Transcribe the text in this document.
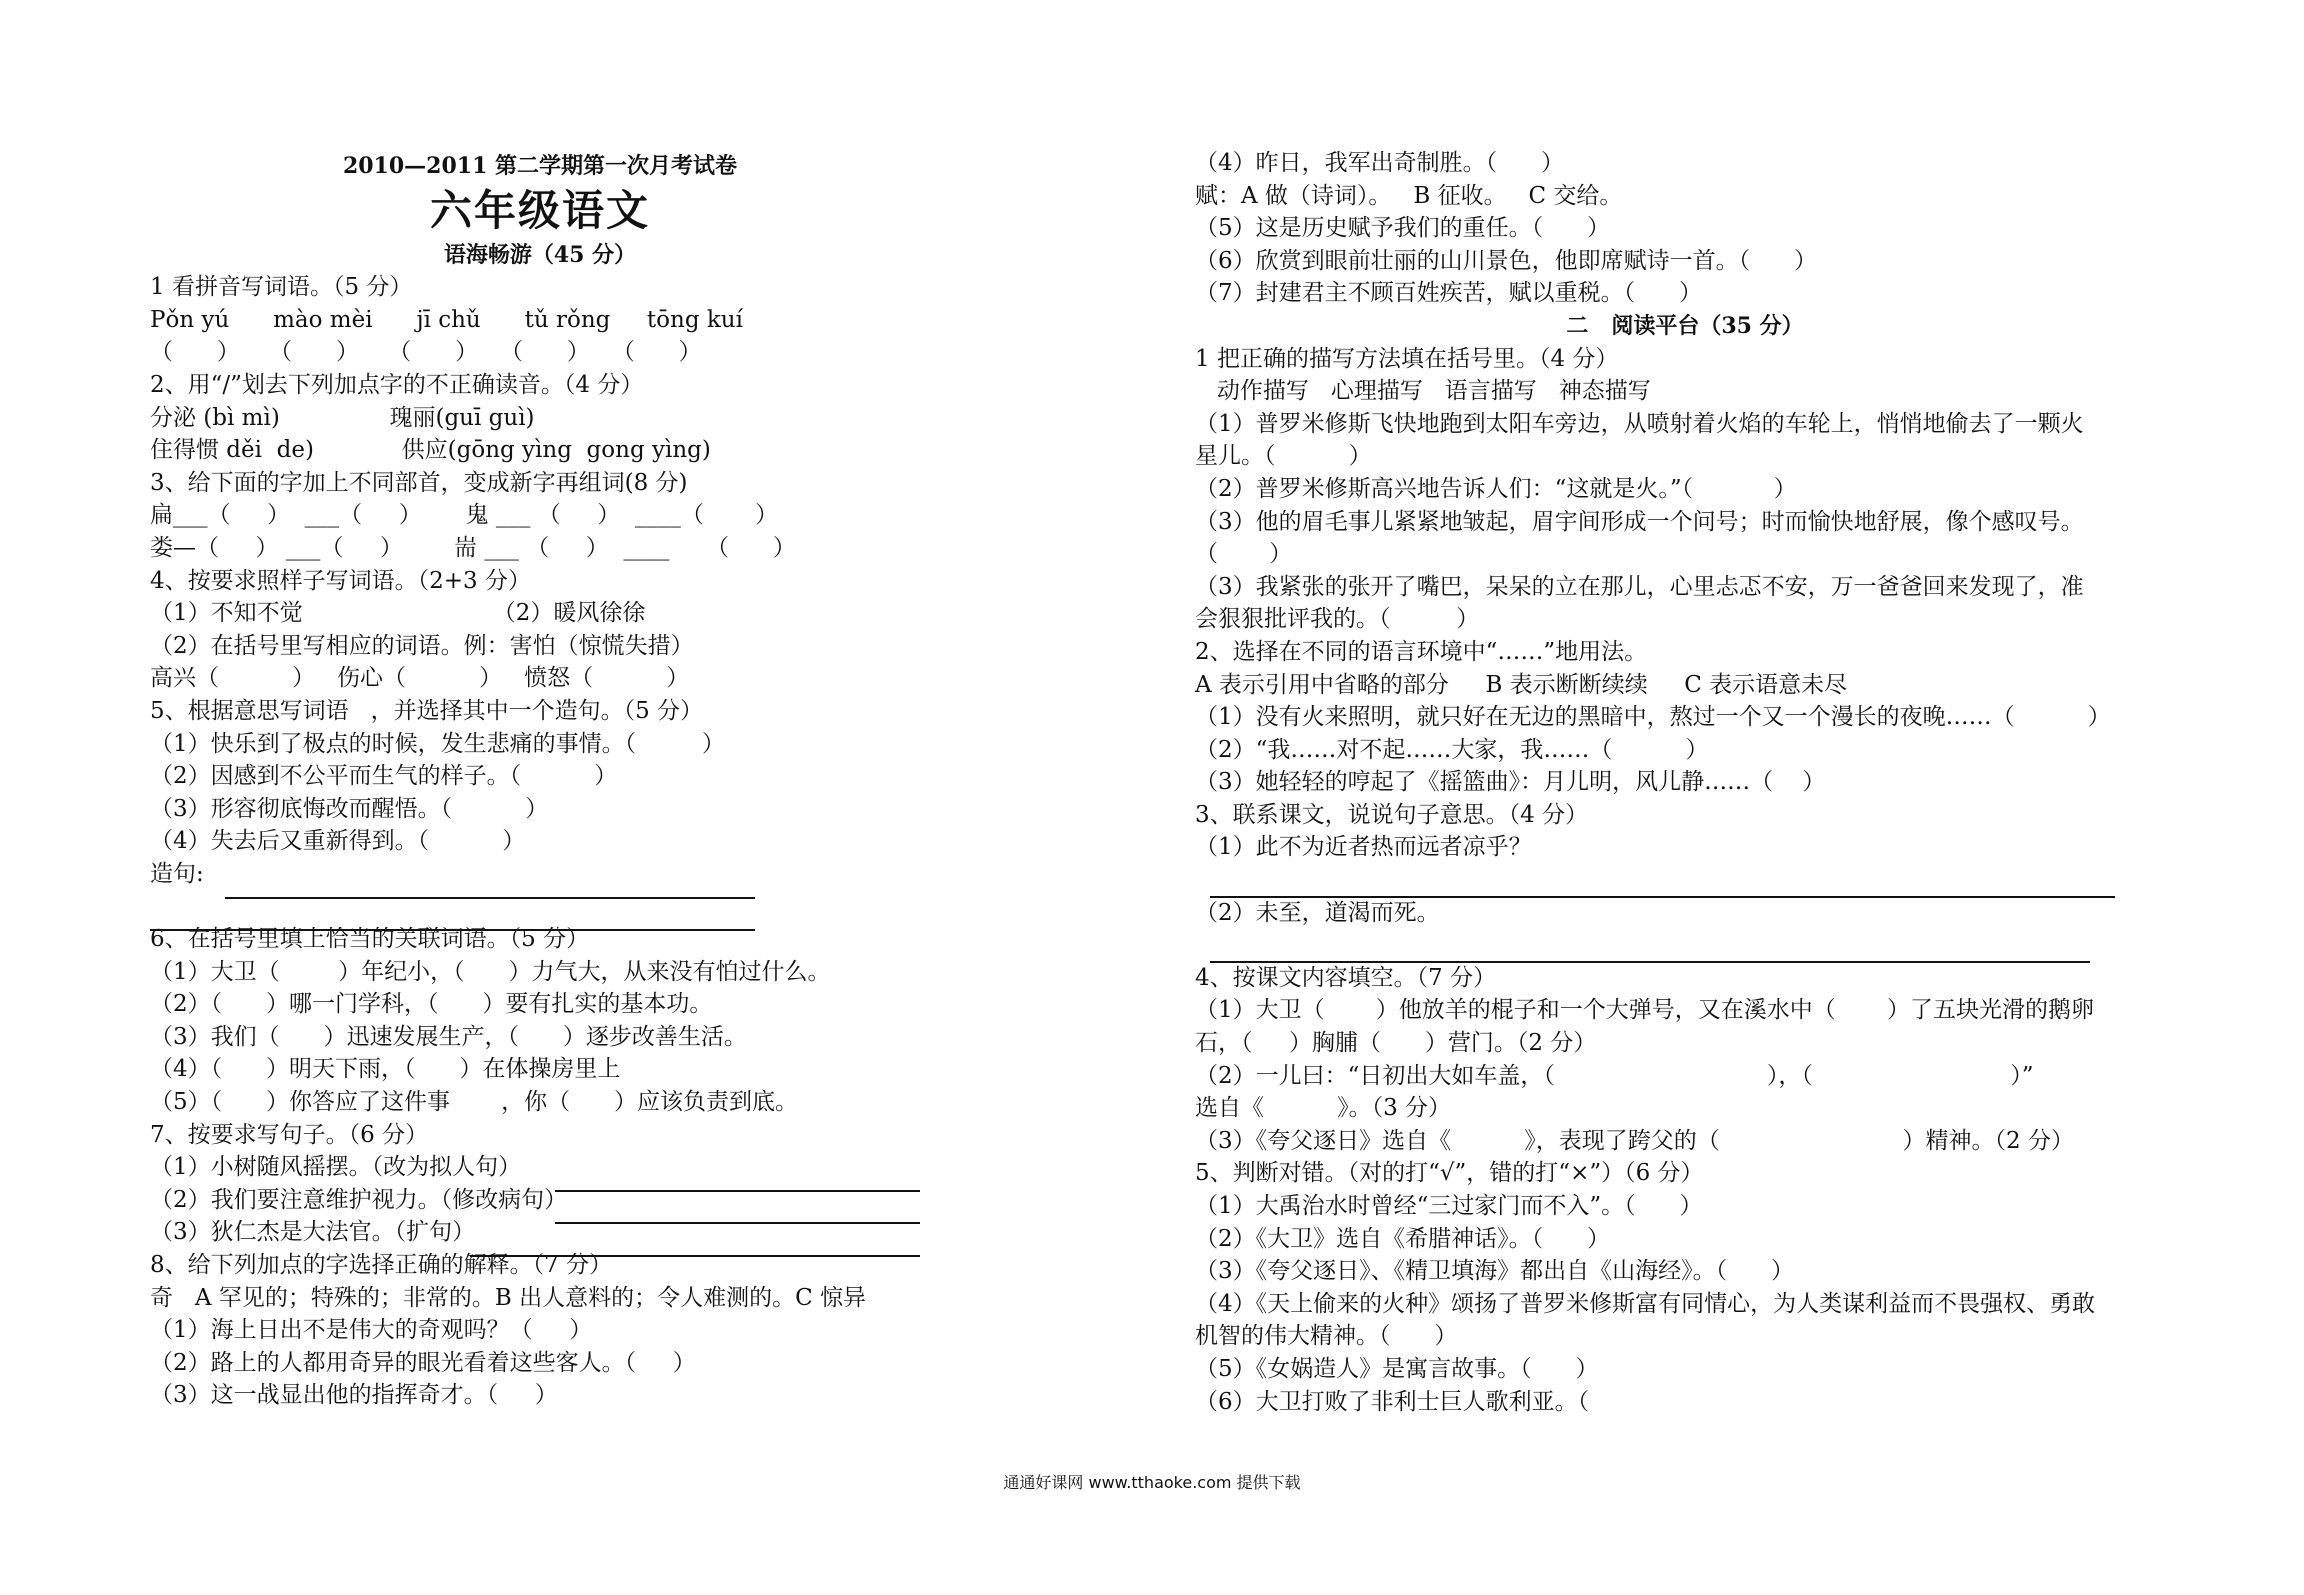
2010—2011 第二学期第一次月考试卷
六年级语文
语海畅游（45 分）
1 看拼音写词语。（5 分）
Pǒn yú      mào mèi      jī chǔ      tǔ rǒng     tōng kuí
（      ）    （      ）    （      ）   （      ）   （      ）
2、用“/”划去下列加点字的不正确读音。（4 分）
分泌 (bì mì)               瑰丽(guī guì)
住得惯 děi  de)            供应(gōng yìng  gong yìng)
3、给下面的字加上不同部首，变成新字再组词(8 分)
扁___（     ）  ___（     ）      鬼 ___ （     ）  ____（       ）
娄—（     ） ___（     ）       耑 ___ （     ）  ____     （      ）
4、按要求照样子写词语。（2+3 分）
（1）不知不觉                          （2）暖风徐徐
（2）在括号里写相应的词语。例：害怕（惊慌失措）
高兴（          ）   伤心（          ）   愤怒（          ）
5、根据意思写词语   ，并选择其中一个造句。（5 分）
（1）快乐到了极点的时候，发生悲痛的事情。（         ）
（2）因感到不公平而生气的样子。（          ）
（3）形容彻底悔改而醒悟。（          ）
（4）失去后又重新得到。（          ）
造句:
6、在括号里填上恰当的关联词语。（5 分）
（1）大卫（        ）年纪小，（      ）力气大，从来没有怕过什么。
（2）（      ）哪一门学科，（      ）要有扎实的基本功。
（3）我们（      ）迅速发展生产，（      ）逐步改善生活。
（4）（      ）明天下雨，（      ）在体操房里上
（5）（      ）你答应了这件事       ，你（      ）应该负责到底。
7、按要求写句子。（6 分）
（1）小树随风摇摆。（改为拟人句）
（2）我们要注意维护视力。（修改病句）
（3）狄仁杰是大法官。（扩句）
8、给下列加点的字选择正确的解释。（7 分）
奇   A 罕见的；特殊的；非常的。B 出人意料的；令人难测的。C 惊异
（1）海上日出不是伟大的奇观吗？（     ）
（2）路上的人都用奇异的眼光看着这些客人。（     ）
（3）这一战显出他的指挥奇才。（     ）
（4）昨日，我军出奇制胜。（      ）
赋：A 做（诗词）。   B 征收。   C 交给。
（5）这是历史赋予我们的重任。（      ）
（6）欣赏到眼前壮丽的山川景色，他即席赋诗一首。（      ）
（7）封建君主不顾百姓疾苦，赋以重税。（      ）
二   阅读平台（35 分）
1 把正确的描写方法填在括号里。（4 分）
动作描写   心理描写   语言描写   神态描写
（1）普罗米修斯飞快地跑到太阳车旁边，从喷射着火焰的车轮上，悄悄地偷去了一颗火
星儿。（          ）
（2）普罗米修斯高兴地告诉人们：“这就是火。”（           ）
（3）他的眉毛事儿紧紧地皱起，眉宇间形成一个问号；时而愉快地舒展，像个感叹号。
（       ）
（3）我紧张的张开了嘴巴，呆呆的立在那儿，心里忐忑不安，万一爸爸回来发现了，准
会狠狠批评我的。（         ）
2、选择在不同的语言环境中“……”地用法。
A 表示引用中省略的部分     B 表示断断续续     C 表示语意未尽
（1）没有火来照明，就只好在无边的黑暗中，熬过一个又一个漫长的夜晚……（          ）
（2）“我……对不起……大家，我……（          ）
（3）她轻轻的哼起了《摇篮曲》：月儿明，风儿静……（    ）
3、联系课文，说说句子意思。（4 分）
（1）此不为近者热而远者凉乎？
（2）未至，道渴而死。
4、按课文内容填空。（7 分）
（1）大卫（       ）他放羊的棍子和一个大弹号，又在溪水中（       ）了五块光滑的鹅卵
石，（     ）胸脯（      ）营门。（2 分）
（2）一儿曰：“日初出大如车盖，（                             ），（                           ）”
选自《          》。（3 分）
（3）《夸父逐日》选自《          》，表现了跨父的（                         ）精神。（2 分）
5、判断对错。（对的打“√”，错的打“×”）（6 分）
（1）大禹治水时曾经“三过家门而不入”。（      ）
（2）《大卫》选自《希腊神话》。（      ）
（3）《夸父逐日》、《精卫填海》都出自《山海经》。（      ）
（4）《天上偷来的火种》颂扬了普罗米修斯富有同情心，为人类谋利益而不畏强权、勇敢
机智的伟大精神。（      ）
（5）《女娲造人》是寓言故事。（      ）
（6）大卫打败了非利士巨人歌利亚。（
通通好课网 www.tthaoke.com 提供下载
